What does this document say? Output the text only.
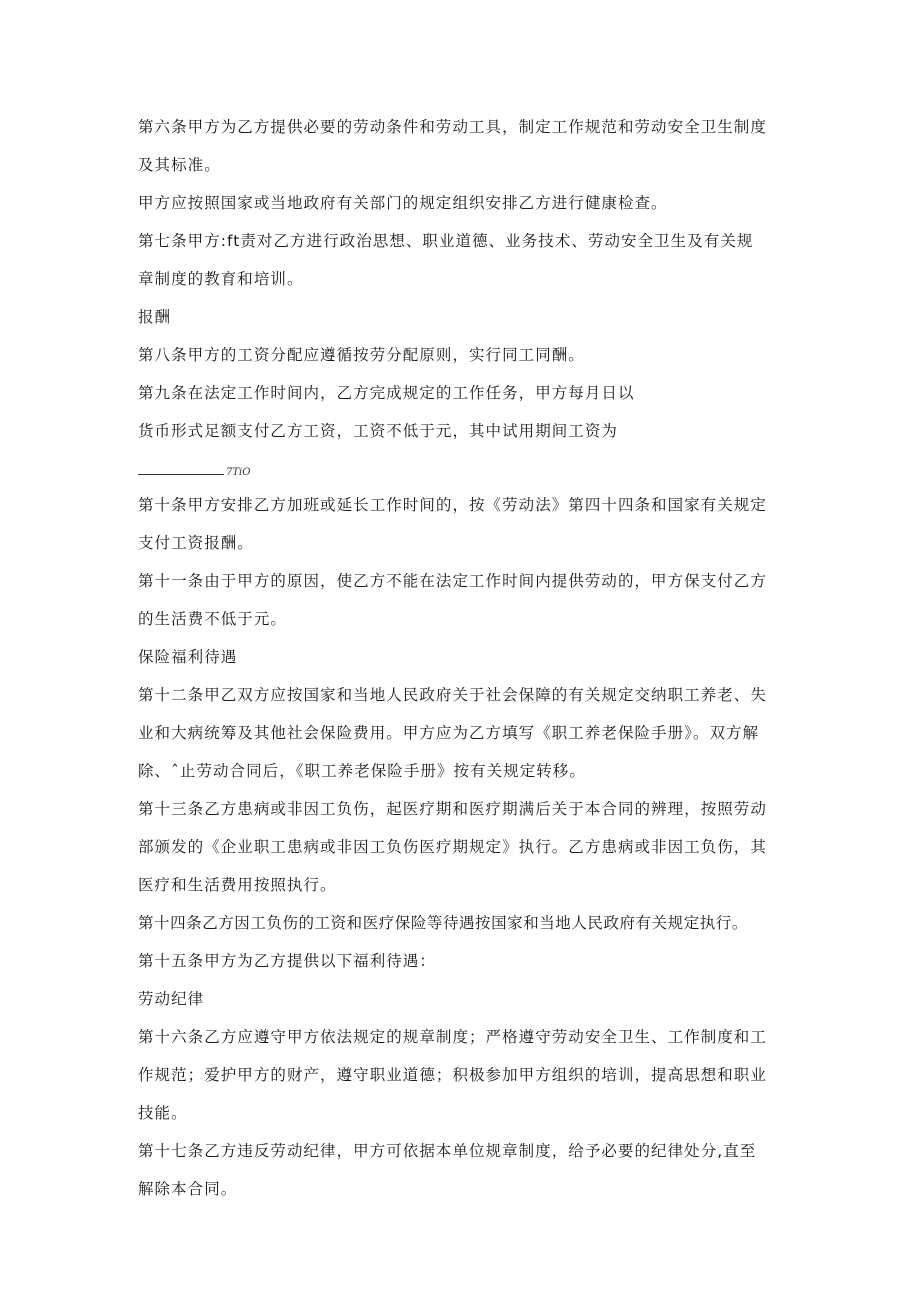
第六条甲方为乙方提供必要的劳动条件和劳动工具，制定工作规范和劳动安全卫生制度
及其标准。
甲方应按照国家或当地政府有关部门的规定组织安排乙方进行健康检查。
第七条甲方:ft责对乙方进行政治思想、职业道德、业务技术、劳动安全卫生及有关规
章制度的教育和培训。
报酬
第八条甲方的工资分配应遵循按劳分配原则，实行同工同酬。
第九条在法定工作时间内，乙方完成规定的工作任务，甲方每月日以
货币形式足额支付乙方工资，工资不低于元，其中试用期间工资为
7TiO
第十条甲方安排乙方加班或延长工作时间的，按《劳动法》第四十四条和国家有关规定
支付工资报酬。
第十一条由于甲方的原因，使乙方不能在法定工作时间内提供劳动的，甲方保支付乙方
的生活费不低于元。
保险福利待遇
第十二条甲乙双方应按国家和当地人民政府关于社会保障的有关规定交纳职工养老、失
业和大病统筹及其他社会保险费用。甲方应为乙方填写《职工养老保险手册》。双方解
除、ˆ止劳动合同后，《职工养老保险手册》按有关规定转移。
第十三条乙方患病或非因工负伤，起医疗期和医疗期满后关于本合同的辨理，按照劳动
部颁发的《企业职工患病或非因工负伤医疗期规定》执行。乙方患病或非因工负伤，其
医疗和生活费用按照执行。
第十四条乙方因工负伤的工资和医疗保险等待遇按国家和当地人民政府有关规定执行。
第十五条甲方为乙方提供以下福利待遇：
劳动纪律
第十六条乙方应遵守甲方依法规定的规章制度；严格遵守劳动安全卫生、工作制度和工
作规范；爱护甲方的财产，遵守职业道德；积极参加甲方组织的培训，提高思想和职业
技能。
第十七条乙方违反劳动纪律，甲方可依据本单位规章制度，给予必要的纪律处分,直至
解除本合同。
